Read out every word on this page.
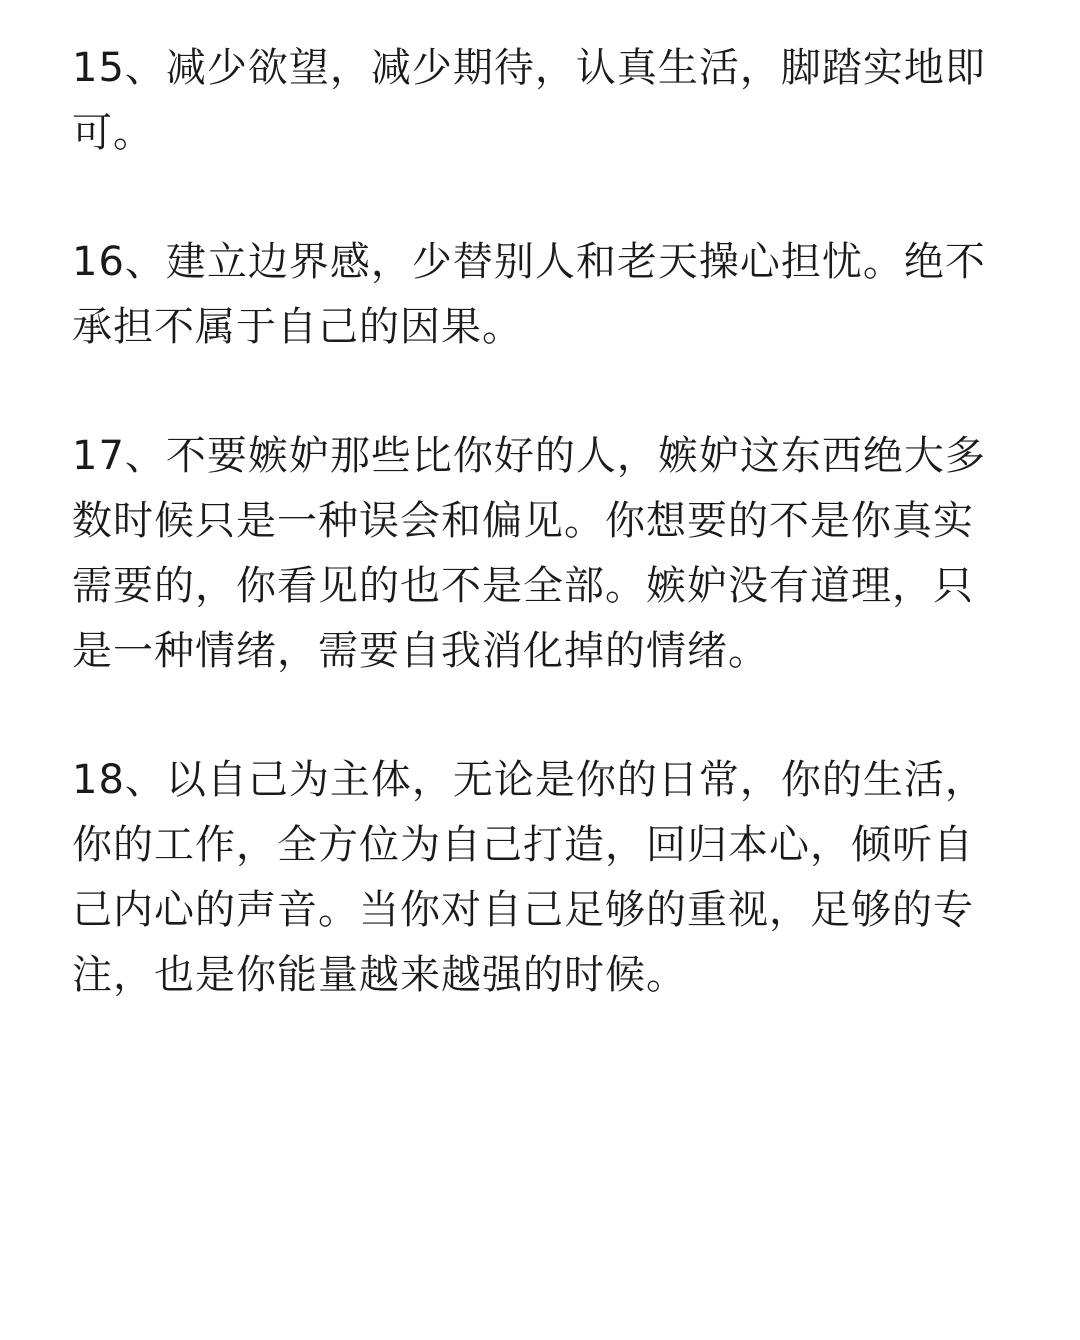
15、减少欲望，减少期待，认真生活，脚踏实地即可。

16、建立边界感，少替别人和老天操心担忧。绝不承担不属于自己的因果。

17、不要嫉妒那些比你好的人，嫉妒这东西绝大多数时候只是一种误会和偏见。你想要的不是你真实需要的，你看见的也不是全部。嫉妒没有道理，只是一种情绪，需要自我消化掉的情绪。

18、以自己为主体，无论是你的日常，你的生活，你的工作，全方位为自己打造，回归本心，倾听自己内心的声音。当你对自己足够的重视，足够的专注，也是你能量越来越强的时候。
